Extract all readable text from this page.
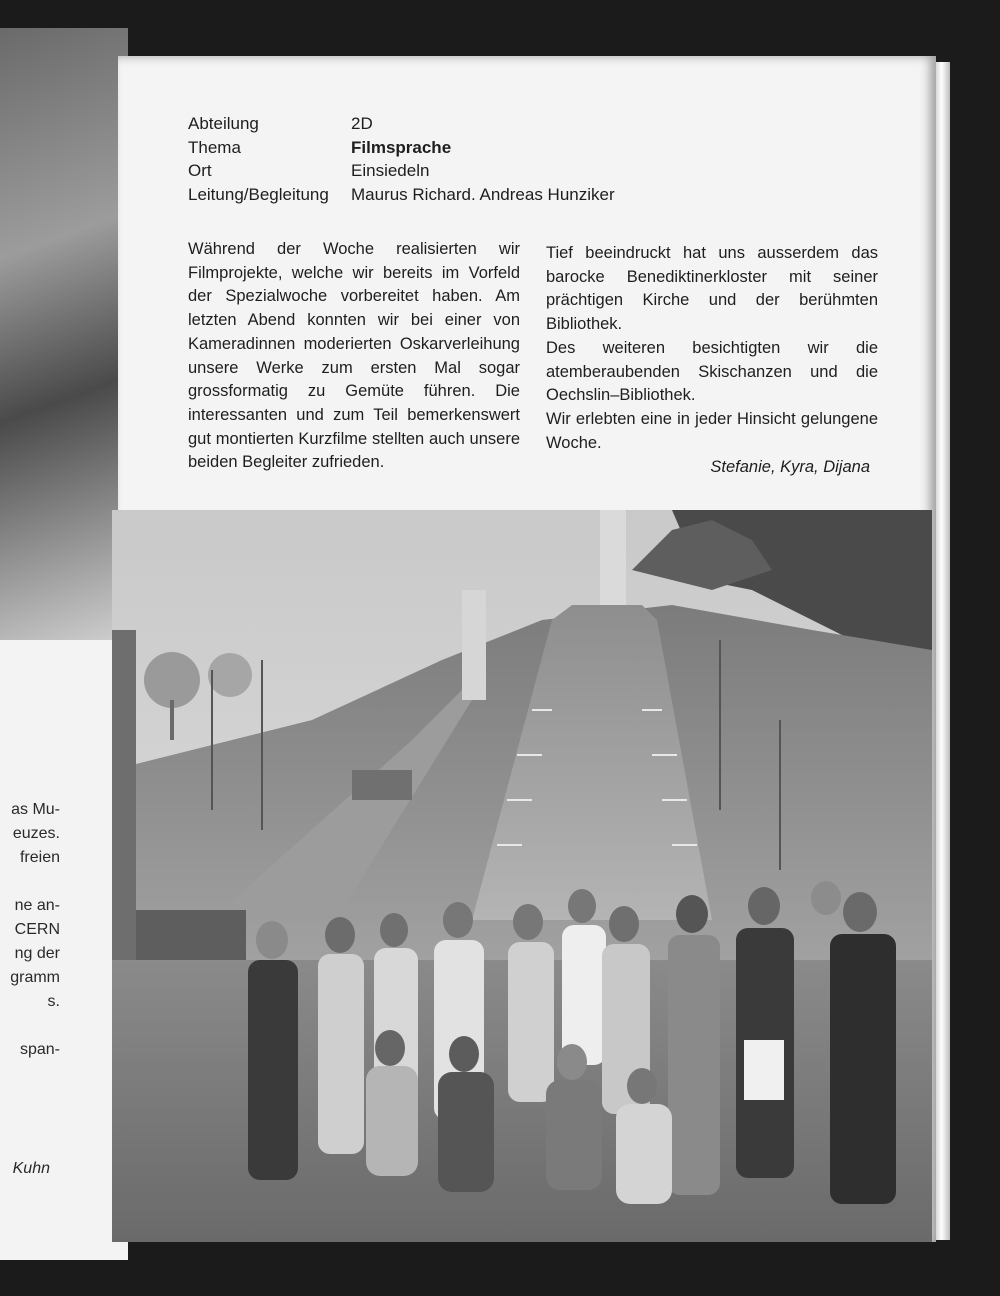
as Mu-
euzes.
freien
ne an-
CERN
ng der
gramm
s.
span-
Kuhn
Abteilung	2D
Thema	Filmsprache
Ort	Einsiedeln
Leitung/Begleitung	Maurus Richard. Andreas Hunziker

Während der Woche realisierten wir Filmprojekte, welche wir bereits im Vorfeld der Spezialwoche vorbereitet haben. Am letzten Abend konnten wir bei einer von Kameradinnen moderierten Oskarverleihung unsere Werke zum ersten Mal sogar grossformatig zu Gemüte führen. Die interessanten und zum Teil bemerkenswert gut montierten Kurzfilme stellten auch unsere beiden Begleiter zufrieden.

Tief beeindruckt hat uns ausserdem das barocke Benediktinerkloster mit seiner prächtigen Kirche und der berühmten Bibliothek.

Des weiteren besichtigten wir die atemberaubenden Skischanzen und die Oechslin–Bibliothek.

Wir erlebten eine in jeder Hinsicht gelungene Woche.

Stefanie, Kyra, Dijana
